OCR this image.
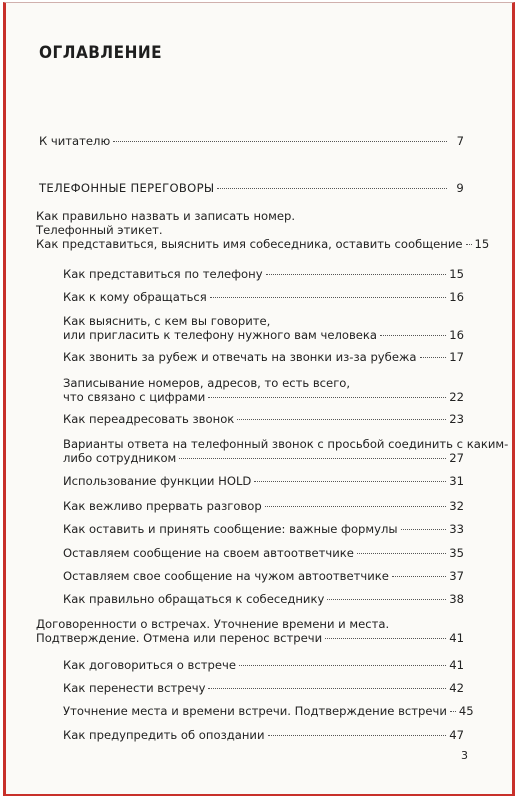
ОГЛАВЛЕНИЕ
К читателю	7
ТЕЛЕФОННЫЕ ПЕРЕГОВОРЫ	9
Как правильно назвать и записать номер.
Телефонный этикет.
Как представиться, выяснить имя собеседника, оставить сообщение 15
Как представиться по телефону	15
Как к кому обращаться	16
Как выяснить, с кем вы говорите,
или пригласить к телефону нужного вам человека	16
Как звонить за рубеж и отвечать на звонки из-за рубежа	17
Записывание номеров, адресов, то есть всего,
что связано с цифрами	22
Как переадресовать звонок	23
Варианты ответа на телефонный звонок с просьбой соединить с каким-
либо сотрудником	27
Использование функции HOLD	31
Как вежливо прервать разговор	32
Как оставить и принять сообщение: важные формулы	33
Оставляем сообщение на своем автоответчике	35
Оставляем свое сообщение на чужом автоответчике	37
Как правильно обращаться к собеседнику	38
Договоренности о встречах. Уточнение времени и места.
Подтверждение. Отмена или перенос встречи	41
Как договориться о встрече	41
Как перенести встречу	42
Уточнение места и времени встречи. Подтверждение встречи 45
Как предупредить об опоздании	47
3
